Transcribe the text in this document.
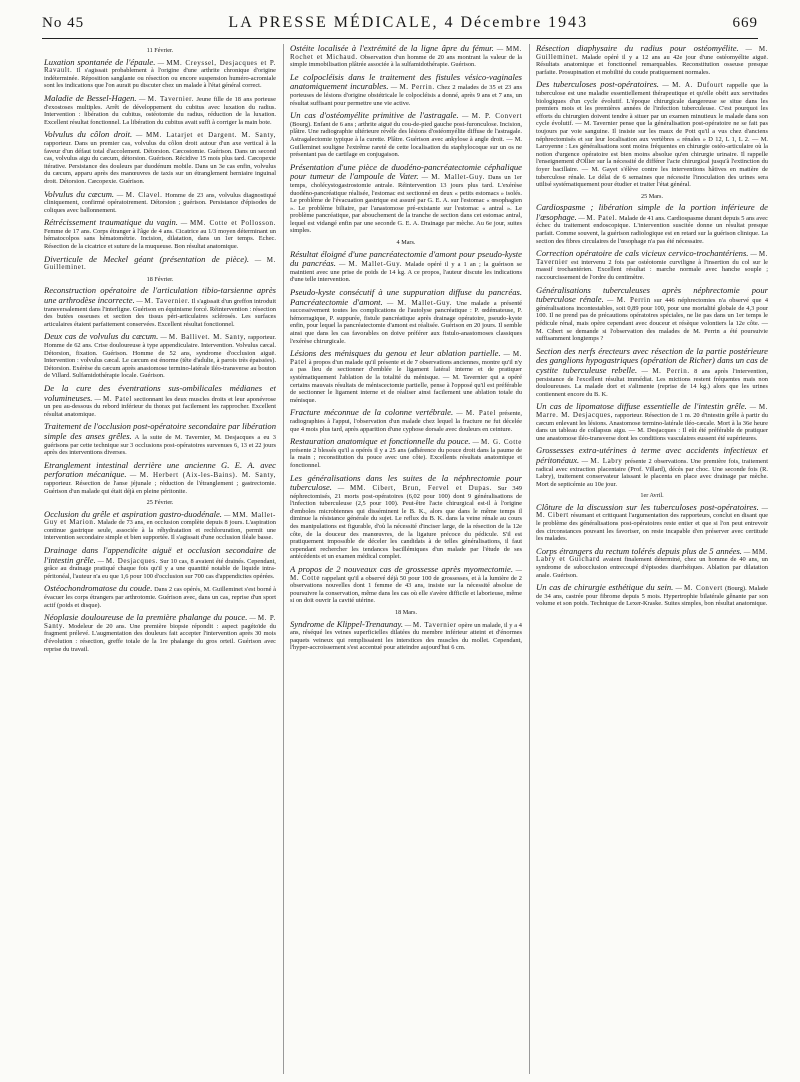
No 45	LA PRESSE MÉDICALE, 4 Décembre 1943	669
11 Février.

Luxation spontanée de l'épaule. — MM. Creyssel, Desjacques et P. Ravault. Il s'agissait probablement à l'origine d'une arthrite chronique d'origine indéterminée. Réposition sanglante ou résection ou encore suspension huméro-acromiale sont les indications que l'on aurait pu discuter chez un malade à l'état général correct.

Maladie de Bessel-Hagen. — M. Tavernier. Jeune fille de 18 ans porteuse d'exostoses multiples. Arrêt de développement du cubitus avec luxation du radius. Intervention : libération du cubitus, ostéotomie du radius, réduction de la luxation. Excellent résultat fonctionnel. La libération du cubitus avait suffi à corriger la main bote.

Volvulus du côlon droit. — MM. Latarjet et Dargent. M. Santy, rapporteur. Dans un premier cas, volvulus du côlon droit autour d'un axe vertical à la faveur d'un défaut total d'accolement. Détorsion. Cæcostomie. Guérison. Dans un second cas, volvulus aigu du cæcum, détorsion. Guérison. Récidive 15 mois plus tard. Cæcopexie itérative. Persistance des douleurs par duodénum mobile. Dans un 3e cas enfin, volvulus du cæcum, apparu après des manœuvres de taxis sur un étranglement herniaire inguinal droit. Détorsion. Cæcopexie. Guérison.

Volvulus du cæcum. — M. Clavel. Homme de 23 ans, volvulus diagnostiqué cliniquement, confirmé opératoirement. Détorsion ; guérison. Persistance d'épisodes de coliques avec ballonnement.

Rétrécissement traumatique du vagin. — MM. Cotte et Pollosson. Femme de 17 ans. Corps étranger à l'âge de 4 ans. Cicatrice au 1/3 moyen déterminant un hématocolpos sans hématométrie. Incision, dilatation, dans un 1er temps. Echec. Résection de la cicatrice et suture de la muqueuse. Bon résultat anatomique.

Diverticule de Meckel géant (présentation de pièce). — M. Guilleminet.

18 Février.

Reconstruction opératoire de l'articulation tibio-tarsienne après une arthrodèse incorrecte. — M. Tavernier. Il s'agissait d'un greffon introduit transversalement dans l'interligne. Guérison en équinisme forcé. Réintervention : résection des butées osseuses et section des tissus péri-articulaires sclérosés. Les surfaces articulaires étaient parfaitement conservées. Excellent résultat fonctionnel.

Deux cas de volvulus du cæcum. — M. Ballivet. M. Santy, rapporteur. Homme de 62 ans. Crise douloureuse à type appendiculaire. Intervention. Volvulus cæcal. Détorsion, fixation. Guérison. Homme de 52 ans, syndrome d'occlusion aiguë. Intervention : volvulus cæcal. Le cæcum est énorme (tête d'adulte, à parois très épaissies). Détorsion. Exérèse du cæcum après anastomose termino-latérale iléo-transverse au bouton de Villard. Sulfamidothérapie locale. Guérison.

De la cure des éventrations sus-ombilicales médianes et volumineuses. — M. Patel sectionnant les deux muscles droits et leur aponévrose un peu au-dessous du rebord inférieur du thorax put facilement les rapprocher. Excellent résultat anatomique.

Traitement de l'occlusion post-opératoire secondaire par libération simple des anses grêles. A la suite de M. Tavernier, M. Desjacques a eu 3 guérisons par cette technique sur 3 occlusions post-opératoires survenues 6, 13 et 22 jours après des interventions diverses.

Etranglement intestinal derrière une ancienne G. E. A. avec perforation mécanique. — M. Herbert (Aix-les-Bains). M. Santy, rapporteur. Résection de l'anse jéjunale ; réduction de l'étranglement ; gastrectomie. Guérison d'un malade qui était déjà en pleine péritonite.

25 Février.

Occlusion du grêle et aspiration gastro-duodénale. — MM. Mallet-Guy et Marion. Malade de 73 ans, en occlusion complète depuis 8 jours. L'aspiration continue gastrique seule, associée à la réhydratation et rechloruration, permit une intervention secondaire simple et bien supportée. Il s'agissait d'une occlusion iléale basse.

Drainage dans l'appendicite aiguë et occlusion secondaire de l'intestin grêle. — M. Desjacques. Sur 10 cas, 8 avaient été drainés. Cependant, grâce au drainage pratiqué chaque fois qu'il y a une quantité notable de liquide intra-péritonéal, l'auteur n'a eu que 1,6 pour 100 d'occlusion sur 700 cas d'appendicites opérées.

Ostéochondromatose du coude. Dans 2 cas opérés, M. Guilleminet s'est borné à évacuer les corps étrangers par arthrotomie. Guérison avec, dans un cas, reprise d'un sport actif (poids et disque).

Néoplasie douloureuse de la première phalange du pouce. — M. P. Santy. Modeleur de 20 ans. Une première biopsie répondit : aspect pagétoïde du fragment prélevé. L'augmentation des douleurs fait accepter l'intervention après 30 mois d'évolution : résection, greffe totale de la 1re phalange du gros orteil. Guérison avec reprise du travail.

Ostéite localisée à l'extrémité de la ligne âpre du fémur. — MM. Rochet et Michaud. Observation d'un homme de 20 ans montrant la valeur de la simple immobilisation plâtrée associée à la sulfamidothérapie. Guérison.

Le colpocléisis dans le traitement des fistules vésico-vaginales anatomiquement incurables. — M. Perrin. Chez 2 malades de 35 et 23 ans porteuses de lésions d'origine obstétricale le colpocléisis a donné, après 9 ans et 7 ans, un résultat suffisant pour permettre une vie active.

Un cas d'ostéomyélite primitive de l'astragale. — M. P. Convert (Bourg). Enfant de 6 ans ; arthrite aiguë du cou-de-pied gauche post-furonculose. Incision, plâtre. Une radiographie ultérieure révèle des lésions d'ostéomyélite diffuse de l'astragale. Astragalectomie typique à la curette. Plâtre. Guérison avec ankylose à angle droit. — M. Guilleminet souligne l'extrême rareté de cette localisation du staphylocoque sur un os ne présentant pas de cartilage en conjugaison.

Présentation d'une pièce de duodéno-pancréatectomie céphalique pour tumeur de l'ampoule de Vater. — M. Mallet-Guy. Dans un 1er temps, cholécystogastrostomie antrale. Réintervention 13 jours plus tard. L'exérèse duodéno-pancréatique réalisée, l'estomac est sectionné en deux « petits estomacs » isolés. Le problème de l'évacuation gastrique est assuré par G. E. A. sur l'estomac « œsophagien ». Le problème biliaire, par l'anastomose pré-existante sur l'estomac « antral ». Le problème pancréatique, par abouchement de la tranche de section dans cet estomac antral, lequel est vidangé enfin par une seconde G. E. A. Drainage par mèche. Au 6e jour, suites simples.

4 Mars.

Résultat éloigné d'une pancréatectomie d'amont pour pseudo-kyste du pancréas. — M. Mallet-Guy. Malade opéré il y a 1 an ; la guérison se maintient avec une prise de poids de 14 kg. A ce propos, l'auteur discute les indications d'une telle intervention.

Pseudo-kyste consécutif à une suppuration diffuse du pancréas. Pancréatectomie d'amont. — M. Mallet-Guy. Une malade a présenté successivement toutes les complications de l'autolyse pancréatique : P. œdémateuse, P. hémorragique, P. suppurée, fistule pancréatique après drainage opératoire, pseudo-kyste enfin, pour lequel la pancréatectomie d'amont est réalisée. Guérison en 20 jours. Il semble ainsi que dans les cas favorables on doive préférer aux fistulo-anastomoses classiques l'exérèse chirurgicale.

Lésions des ménisques du genou et leur ablation partielle. — M. Patel à propos d'un malade qu'il présente et de 7 observations anciennes, montre qu'il n'y a pas lieu de sectionner d'emblée le ligament latéral interne et de pratiquer systématiquement l'ablation de la totalité du ménisque. — M. Tavernier qui a opéré certains mauvais résultats de méniscectomie partielle, pense à l'opposé qu'il est préférable de sectionner le ligament interne et de réaliser ainsi facilement une ablation totale du ménisque.

Fracture méconnue de la colonne vertébrale. — M. Patel présente, radiographies à l'appui, l'observation d'un malade chez lequel la fracture ne fut décelée que 4 mois plus tard, après apparition d'une cyphose dorsale avec douleurs en ceinture.

Restauration anatomique et fonctionnelle du pouce. — M. G. Cotte présente 2 blessés qu'il a opérés il y a 25 ans (adhérence du pouce droit dans la paume de la main ; reconstitution du pouce avec une côte). Excellents résultats anatomique et fonctionnel.

Les généralisations dans les suites de la néphrectomie pour tuberculose. — MM. Cibert, Brun, Fervel et Dupas. Sur 349 néphrectomisés, 21 morts post-opératoires (6,02 pour 100) dont 9 généralisations de l'infection tuberculeuse (2,5 pour 100). Peut-être l'acte chirurgical est-il à l'origine d'emboles microbiennes qui disséminent le B. K., alors que dans le même temps il diminue la résistance générale du sujet. Le reflux du B. K. dans la veine rénale au cours des manipulations est figurable, d'où la nécessité d'inciser large, de la résection de la 12e côte, de la douceur des manœuvres, de la ligature précoce du pédicule. S'il est pratiquement impossible de déceler les candidats à de telles généralisations, il faut cependant rechercher les tendances bacillémiques d'un malade par l'étude de ses antécédents et un examen médical complet.

A propos de 2 nouveaux cas de grossesse après myomectomie. — M. Cotte rappelant qu'il a observé déjà 50 pour 100 de grossesses, et à la lumière de 2 observations nouvelles dont 1 femme de 43 ans, insiste sur la nécessité absolue de poursuivre la conservation, même dans les cas où elle s'avère difficile et laborieuse, même si on doit ouvrir la cavité utérine.

18 Mars.

Syndrome de Klippel-Trenaunay. — M. Tavernier opère un malade, il y a 4 ans, réséqué les veines superficielles dilatées du membre inférieur atteint et d'énormes paquets veineux qui remplissaient les interstices des muscles du mollet. Cependant, l'hyper-accroissement s'est accentué pour atteindre aujourd'hui 6 cm.

Résection diaphysaire du radius pour ostéomyélite. — M. Guilleminet. Malade opéré il y a 12 ans au 42e jour d'une ostéomyélite aiguë. Résultats anatomique et fonctionnel remarquables. Reconstitution osseuse presque parfaite. Prosupination et mobilité du coude pratiquement normales.

Des tuberculoses post-opératoires. — M. A. Dufourt rappelle que la tuberculose est une maladie essentiellement thérapeutique et qu'elle obéit aux servitudes biologiques d'un cycle évolutif. L'époque chirurgicale dangereuse se situe dans les premiers mois et les premières années de l'infection tuberculeuse. C'est pourquoi les efforts du chirurgien doivent tendre à situer par un examen minutieux le malade dans son cycle évolutif. — M. Tavernier pense que la généralisation post-opératoire ne se fait pas toujours par voie sanguine. Il insiste sur les maux de Pott qu'il a vus chez d'anciens néphrectomisés et sur leur localisation aux vertèbres « rénales » D 12, L 1, L 2. — M. Laroyenne : Les généralisations sont moins fréquentes en chirurgie ostéo-articulaire où la notion d'urgence opératoire est bien moins absolue qu'en chirurgie urinaire. Il rappelle l'enseignement d'Ollier sur la nécessité de différer l'acte chirurgical jusqu'à l'extinction du foyer bacillaire. — M. Gayet s'élève contre les interventions hâtives en matière de tuberculose rénale. Le délai de 6 semaines que nécessite l'inoculation des urines sera utilisé systématiquement pour étudier et traiter l'état général.

25 Mars.

Cardiospasme ; libération simple de la portion inférieure de l'œsophage. — M. Patel. Malade de 41 ans. Cardiospasme durant depuis 5 ans avec échec du traitement endoscopique. L'intervention suscitée donne un résultat presque parfait. Comme souvent, la guérison radiologique est en retard sur la guérison clinique. La section des fibres circulaires de l'œsophage n'a pas été nécessaire.

Correction opératoire de cals vicieux cervico-trochantériens. — M. Tavernier est intervenu 2 fois par ostéotomie curviligne à l'insertion du col sur le massif trochantérien. Excellent résultat : marche normale avec hanche souple ; raccourcissement de l'ordre du centimètre.

Généralisations tuberculeuses après néphrectomie pour tuberculose rénale. — M. Perrin sur 446 néphrectomies n'a observé que 4 généralisations incontestables, soit 0,89 pour 100, pour une mortalité globale de 4,3 pour 100. Il ne prend pas de précautions opératoires spéciales, ne lie pas dans un 1er temps le pédicule rénal, mais opère cependant avec douceur et résèque volontiers la 12e côte. — M. Cibert se demande si l'observation des malades de M. Perrin a été poursuivie suffisamment longtemps ?

Section des nerfs érecteurs avec résection de la partie postérieure des ganglions hypogastriques (opération de Richer) dans un cas de cystite tuberculeuse rebelle. — M. Perrin. 8 ans après l'intervention, persistance de l'excellent résultat immédiat. Les mictions restent fréquentes mais non douloureuses. La malade dort et s'alimente (reprise de 14 kg.) alors que les urines contiennent encore du B. K.

Un cas de lipomatose diffuse essentielle de l'intestin grêle. — M. Marre. M. Desjacques, rapporteur. Résection de 1 m. 20 d'intestin grêle à partir du cæcum enlevant les lésions. Anastomose termino-latérale iléo-cæcale. Mort à la 36e heure dans un tableau de collapsus aigu. — M. Desjacques : Il eût été préférable de pratiquer une anastomose iléo-transverse dont les conditions vasculaires eussent été supérieures.

Grossesses extra-utérines à terme avec accidents infectieux et péritonéaux. — M. Labry présente 2 observations. Une première fois, traitement radical avec extraction placentaire (Prof. Villard), décès par choc. Une seconde fois (R. Labry), traitement conservateur laissant le placenta en place avec drainage par mèche. Mort de septicémie au 10e jour.

1er Avril.

Clôture de la discussion sur les tuberculoses post-opératoires. — M. Cibert résumant et critiquant l'argumentation des rapporteurs, conclut en disant que le problème des généralisations post-opératoires reste entier et que si l'on peut entrevoir des circonstances pouvant les favoriser, on reste incapable d'en préserver avec certitude les malades.

Corps étrangers du rectum tolérés depuis plus de 5 années. — MM. Labry et Guichard avaient finalement déterminé, chez un homme de 40 ans, un syndrome de subocclusion entrecoupé d'épisodes diarrhéiques. Ablation par dilatation anale. Guérison.

Un cas de chirurgie esthétique du sein. — M. Convert (Bourg). Malade de 34 ans, castrée pour fibrome depuis 5 mois. Hypertrophie bilatérale gênante par son volume et son poids. Technique de Lexer-Kraske. Suites simples, bon résultat anatomique.
